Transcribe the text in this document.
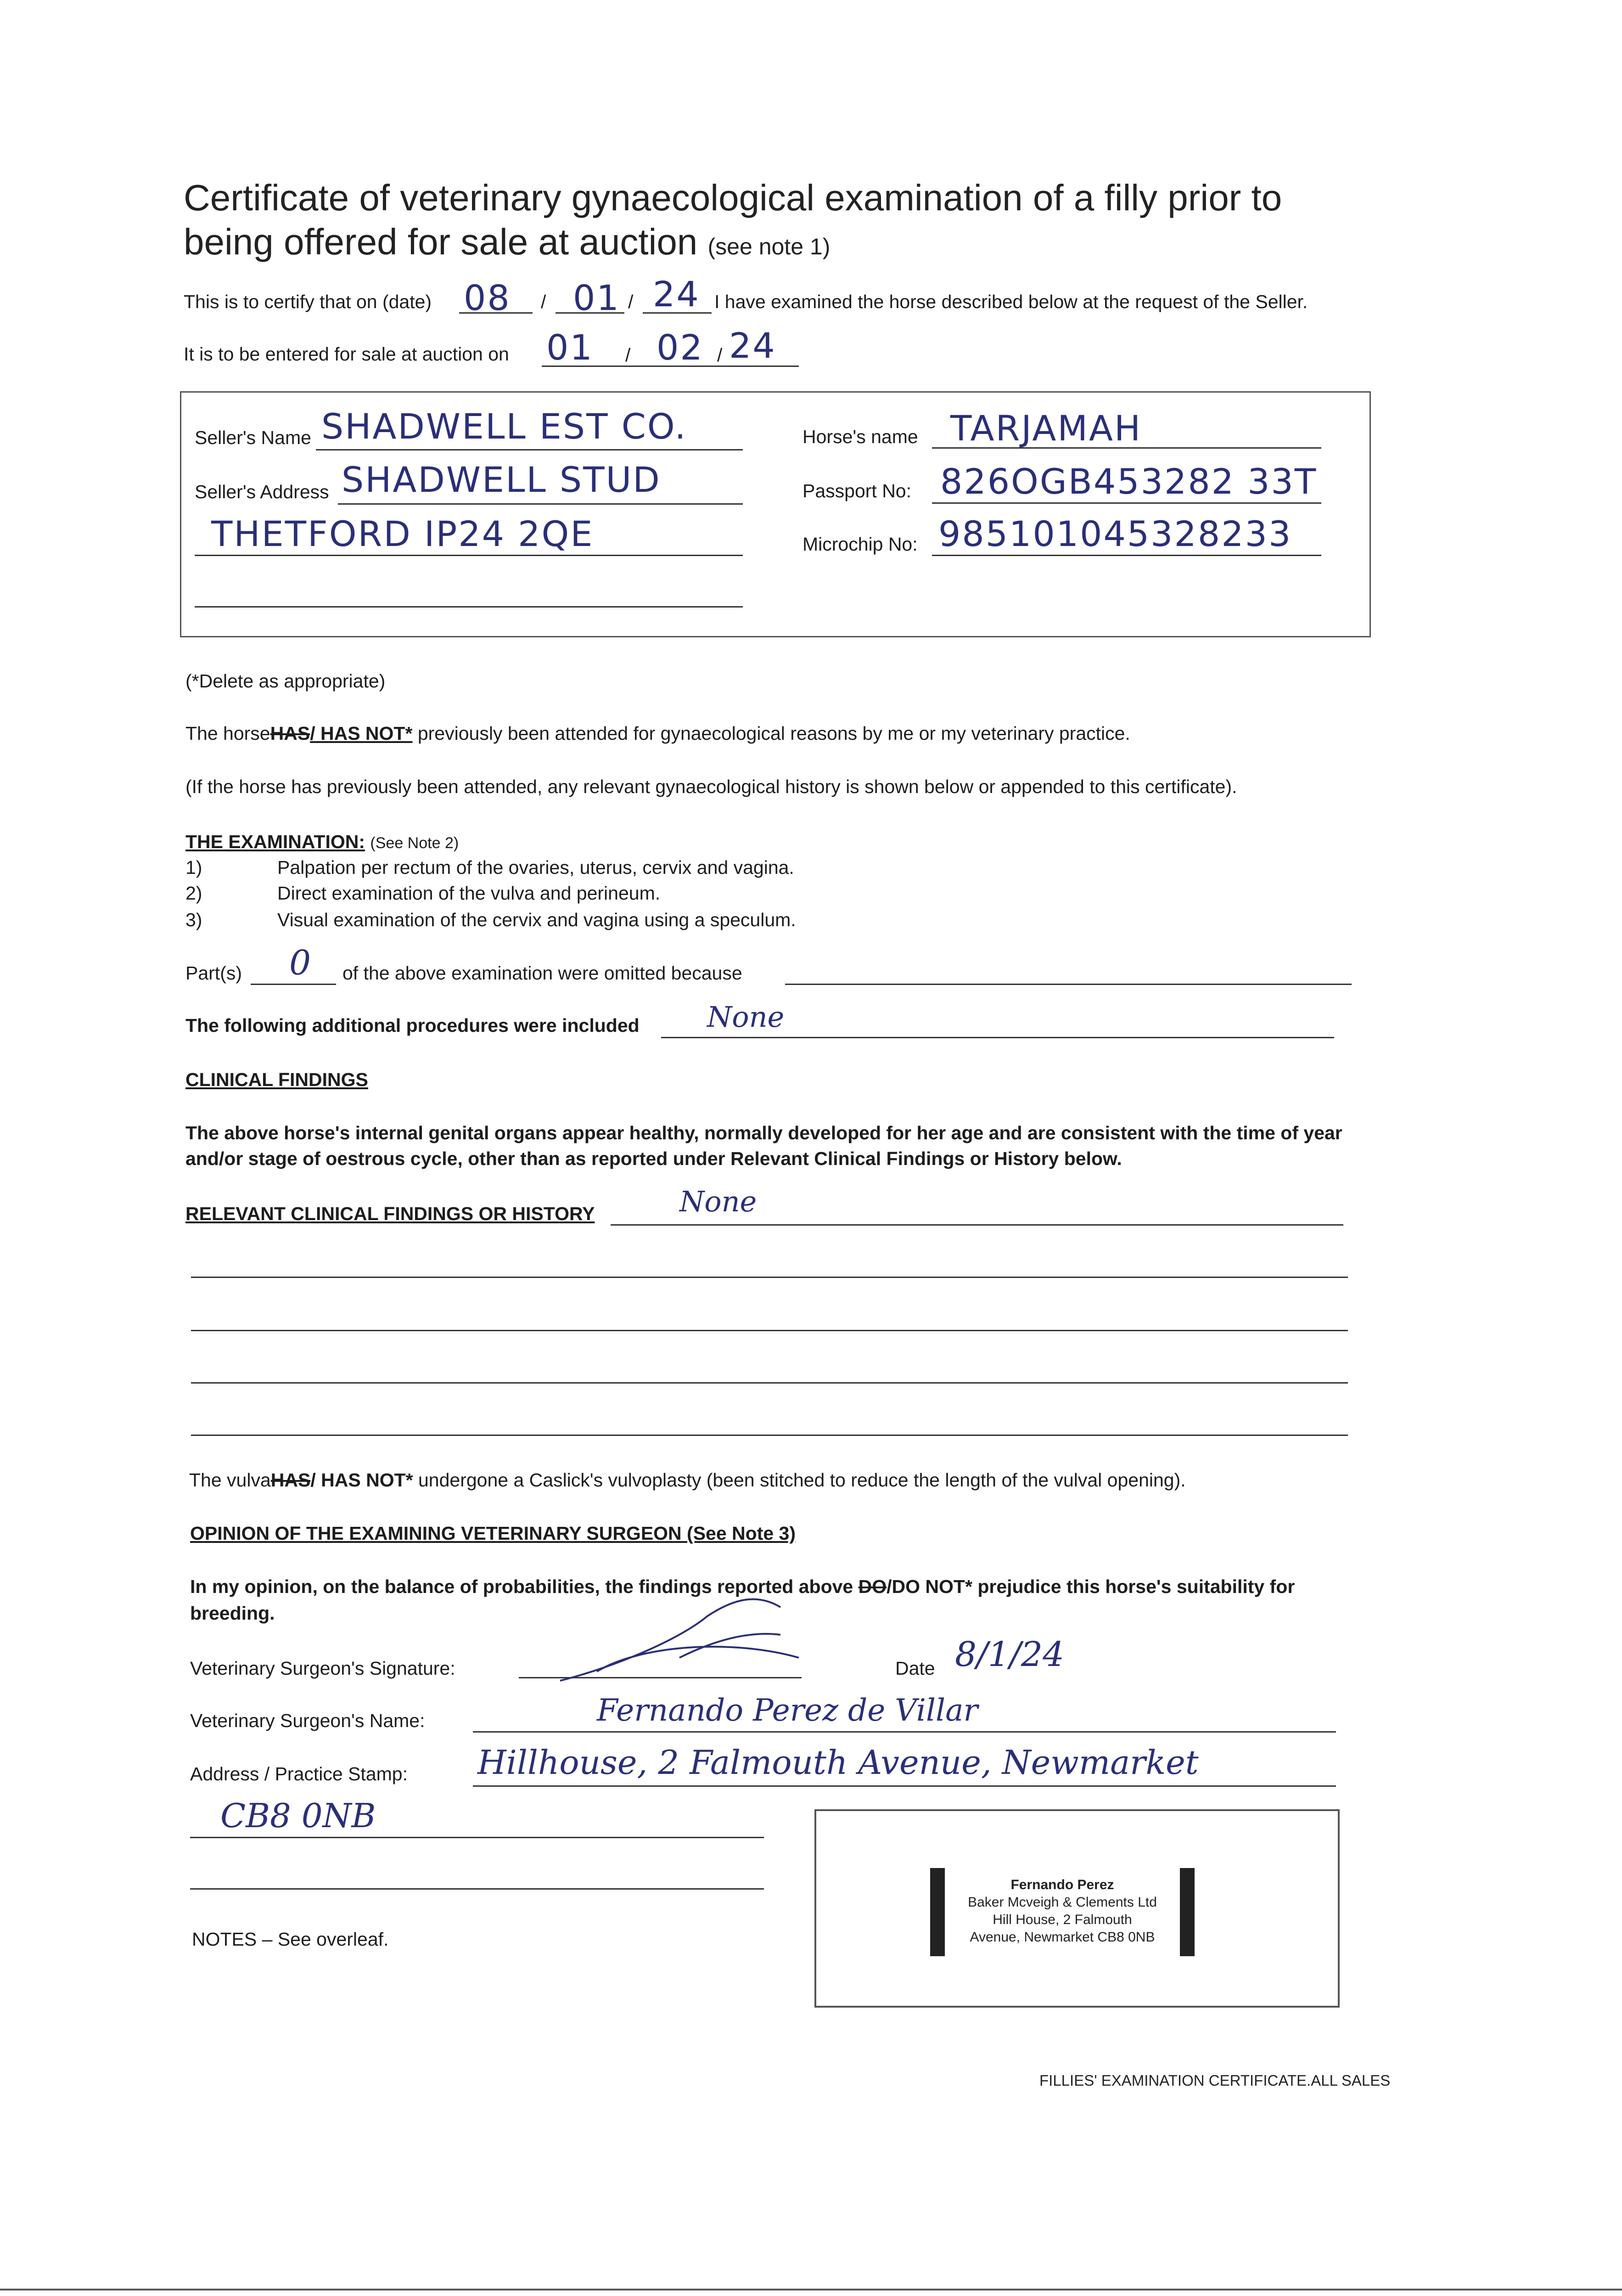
Certificate of veterinary gynaecological examination of a filly prior to
being offered for sale at auction (see note 1)
This is to certify that on (date) 08 / 01 / 24 I have examined the horse described below at the request of the Seller.
It is to be entered for sale at auction on 01 / 02 / 24
Seller's Name SHADWELL EST CO.
Seller's Address SHADWELL STUD
THETFORD IP24 2QE
Horse's name TARJAMAH
Passport No: 826OGB453282 33T
Microchip No: 985101045328233
(*Delete as appropriate)
The horseHAS/ HAS NOT* previously been attended for gynaecological reasons by me or my veterinary practice.
(If the horse has previously been attended, any relevant gynaecological history is shown below or appended to this certificate).
THE EXAMINATION: (See Note 2)
1)	Palpation per rectum of the ovaries, uterus, cervix and vagina.
2)	Direct examination of the vulva and perineum.
3)	Visual examination of the cervix and vagina using a speculum.
Part(s) 0 of the above examination were omitted because
The following additional procedures were included None
CLINICAL FINDINGS
The above horse's internal genital organs appear healthy, normally developed for her age and are consistent with the time of year
and/or stage of oestrous cycle, other than as reported under Relevant Clinical Findings or History below.
RELEVANT CLINICAL FINDINGS OR HISTORY	None
The vulvaHAS/ HAS NOT* undergone a Caslick's vulvoplasty (been stitched to reduce the length of the vulval opening).
OPINION OF THE EXAMINING VETERINARY SURGEON (See Note 3)
In my opinion, on the balance of probabilities, the findings reported above DO/DO NOT* prejudice this horse's suitability for
breeding.
Veterinary Surgeon's Signature:	Date 8/1/24
Veterinary Surgeon's Name:	Fernando Perez de Villar
Address / Practice Stamp: Hillhouse, 2 Falmouth Avenue, Newmarket
CB8 0NB
Fernando Perez
Baker Mcveigh & Clements Ltd
Hill House, 2 Falmouth
Avenue, Newmarket CB8 0NB
NOTES – See overleaf.
FILLIES' EXAMINATION CERTIFICATE.ALL SALES
